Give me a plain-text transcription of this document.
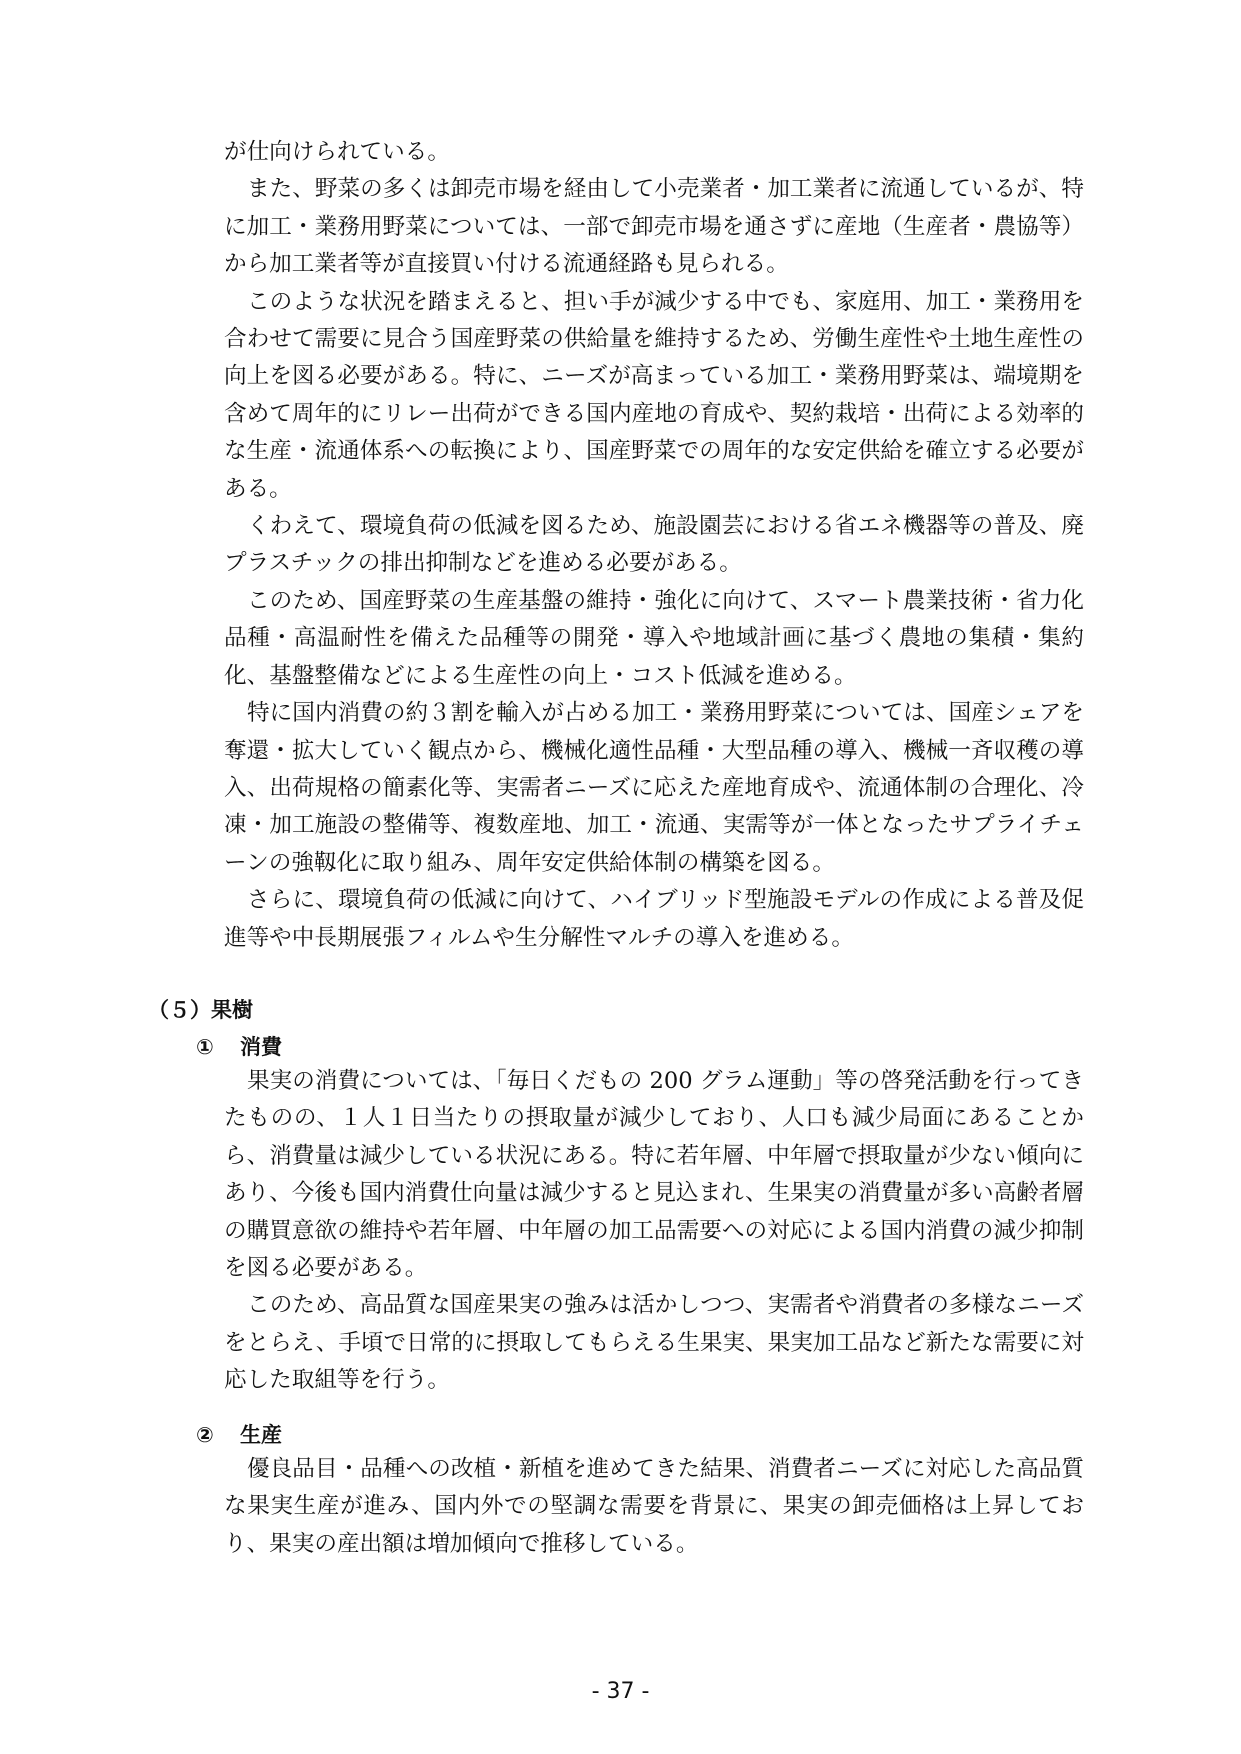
が仕向けられている。

また、野菜の多くは卸売市場を経由して小売業者・加工業者に流通しているが、特に加工・業務用野菜については、一部で卸売市場を通さずに産地（生産者・農協等）から加工業者等が直接買い付ける流通経路も見られる。

このような状況を踏まえると、担い手が減少する中でも、家庭用、加工・業務用を合わせて需要に見合う国産野菜の供給量を維持するため、労働生産性や土地生産性の向上を図る必要がある。特に、ニーズが高まっている加工・業務用野菜は、端境期を含めて周年的にリレー出荷ができる国内産地の育成や、契約栽培・出荷による効率的な生産・流通体系への転換により、国産野菜での周年的な安定供給を確立する必要がある。

くわえて、環境負荷の低減を図るため、施設園芸における省エネ機器等の普及、廃プラスチックの排出抑制などを進める必要がある。

このため、国産野菜の生産基盤の維持・強化に向けて、スマート農業技術・省力化品種・高温耐性を備えた品種等の開発・導入や地域計画に基づく農地の集積・集約化、基盤整備などによる生産性の向上・コスト低減を進める。

特に国内消費の約３割を輸入が占める加工・業務用野菜については、国産シェアを奪還・拡大していく観点から、機械化適性品種・大型品種の導入、機械一斉収穫の導入、出荷規格の簡素化等、実需者ニーズに応えた産地育成や、流通体制の合理化、冷凍・加工施設の整備等、複数産地、加工・流通、実需等が一体となったサプライチェーンの強靱化に取り組み、周年安定供給体制の構築を図る。

さらに、環境負荷の低減に向けて、ハイブリッド型施設モデルの作成による普及促進等や中長期展張フィルムや生分解性マルチの導入を進める。

（５）果樹
① 消費

果実の消費については、「毎日くだもの 200 グラム運動」等の啓発活動を行ってきたものの、１人１日当たりの摂取量が減少しており、人口も減少局面にあることから、消費量は減少している状況にある。特に若年層、中年層で摂取量が少ない傾向にあり、今後も国内消費仕向量は減少すると見込まれ、生果実の消費量が多い高齢者層の購買意欲の維持や若年層、中年層の加工品需要への対応による国内消費の減少抑制を図る必要がある。

このため、高品質な国産果実の強みは活かしつつ、実需者や消費者の多様なニーズをとらえ、手頃で日常的に摂取してもらえる生果実、果実加工品など新たな需要に対応した取組等を行う。

② 生産

優良品目・品種への改植・新植を進めてきた結果、消費者ニーズに対応した高品質な果実生産が進み、国内外での堅調な需要を背景に、果実の卸売価格は上昇しており、果実の産出額は増加傾向で推移している。

- 37 -
